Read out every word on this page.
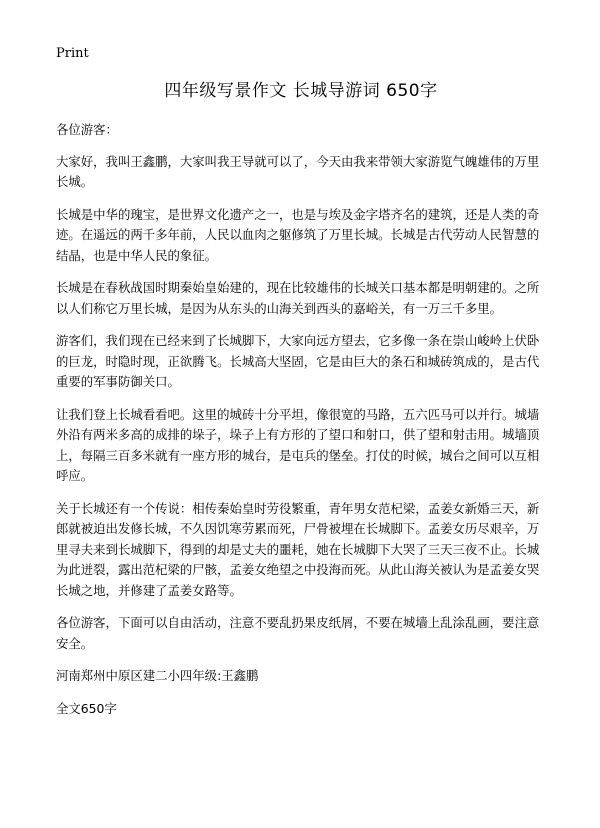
Print
四年级写景作文 长城导游词 650字

各位游客：

大家好，我叫王鑫鹏，大家叫我王导就可以了，今天由我来带领大家游览气魄雄伟的万里长城。

长城是中华的瑰宝，是世界文化遗产之一，也是与埃及金字塔齐名的建筑，还是人类的奇迹。在遥远的两千多年前，人民以血肉之躯修筑了万里长城。长城是古代劳动人民智慧的结晶，也是中华人民的象征。

长城是在春秋战国时期秦始皇始建的，现在比较雄伟的长城关口基本都是明朝建的。之所以人们称它万里长城，是因为从东头的山海关到西头的嘉峪关，有一万三千多里。

游客们，我们现在已经来到了长城脚下，大家向远方望去，它多像一条在崇山峻岭上伏卧的巨龙，时隐时现，正欲腾飞。长城高大坚固，它是由巨大的条石和城砖筑成的，是古代重要的军事防御关口。

让我们登上长城看看吧。这里的城砖十分平坦，像很宽的马路，五六匹马可以并行。城墙外沿有两米多高的成排的垛子，垛子上有方形的了望口和射口，供了望和射击用。城墙顶上，每隔三百多米就有一座方形的城台，是屯兵的堡垒。打仗的时候，城台之间可以互相呼应。

关于长城还有一个传说：相传秦始皇时劳役繁重，青年男女范杞梁，孟姜女新婚三天，新郎就被迫出发修长城，不久因饥寒劳累而死，尸骨被埋在长城脚下。孟姜女历尽艰辛，万里寻夫来到长城脚下，得到的却是丈夫的噩耗，她在长城脚下大哭了三天三夜不止。长城为此迸裂，露出范杞梁的尸骸，孟姜女绝望之中投海而死。从此山海关被认为是孟姜女哭长城之地，并修建了孟姜女路等。

各位游客，下面可以自由活动，注意不要乱扔果皮纸屑，不要在城墙上乱涂乱画，要注意安全。

河南郑州中原区建二小四年级:王鑫鹏

全文650字
